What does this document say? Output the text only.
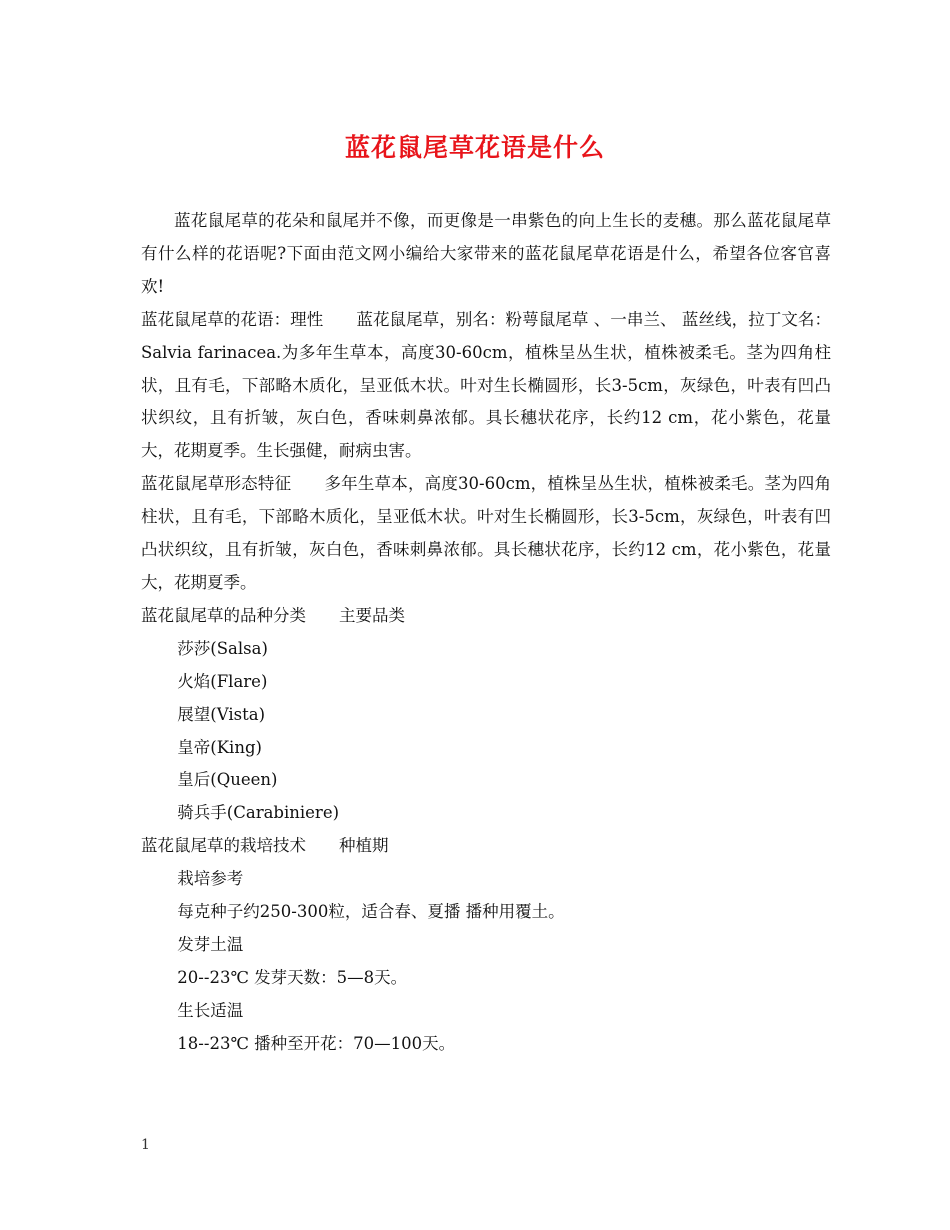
蓝花鼠尾草花语是什么

蓝花鼠尾草的花朵和鼠尾并不像，而更像是一串紫色的向上生长的麦穗。那么蓝花鼠尾草有什么样的花语呢?下面由范文网小编给大家带来的蓝花鼠尾草花语是什么，希望各位客官喜欢!

蓝花鼠尾草的花语：理性 蓝花鼠尾草，别名：粉萼鼠尾草 、一串兰、 蓝丝线，拉丁文名：Salvia farinacea.为多年生草本，高度30-60cm，植株呈丛生状，植株被柔毛。茎为四角柱状，且有毛，下部略木质化，呈亚低木状。叶对生长椭圆形，长3-5cm，灰绿色，叶表有凹凸状织纹，且有折皱，灰白色，香味刺鼻浓郁。具长穗状花序，长约12 cm，花小紫色，花量大，花期夏季。生长强健，耐病虫害。

蓝花鼠尾草形态特征 多年生草本，高度30-60cm，植株呈丛生状，植株被柔毛。茎为四角柱状，且有毛，下部略木质化，呈亚低木状。叶对生长椭圆形，长3-5cm，灰绿色，叶表有凹凸状织纹，且有折皱，灰白色，香味刺鼻浓郁。具长穗状花序，长约12 cm，花小紫色，花量大，花期夏季。

蓝花鼠尾草的品种分类 主要品类

莎莎(Salsa)

火焰(Flare)

展望(Vista)

皇帝(King)

皇后(Queen)

骑兵手(Carabiniere)

蓝花鼠尾草的栽培技术 种植期

栽培参考

每克种子约250-300粒，适合春、夏播 播种用覆土。

发芽土温

20--23℃ 发芽天数：5—8天。

生长适温

18--23℃ 播种至开花：70—100天。

1
